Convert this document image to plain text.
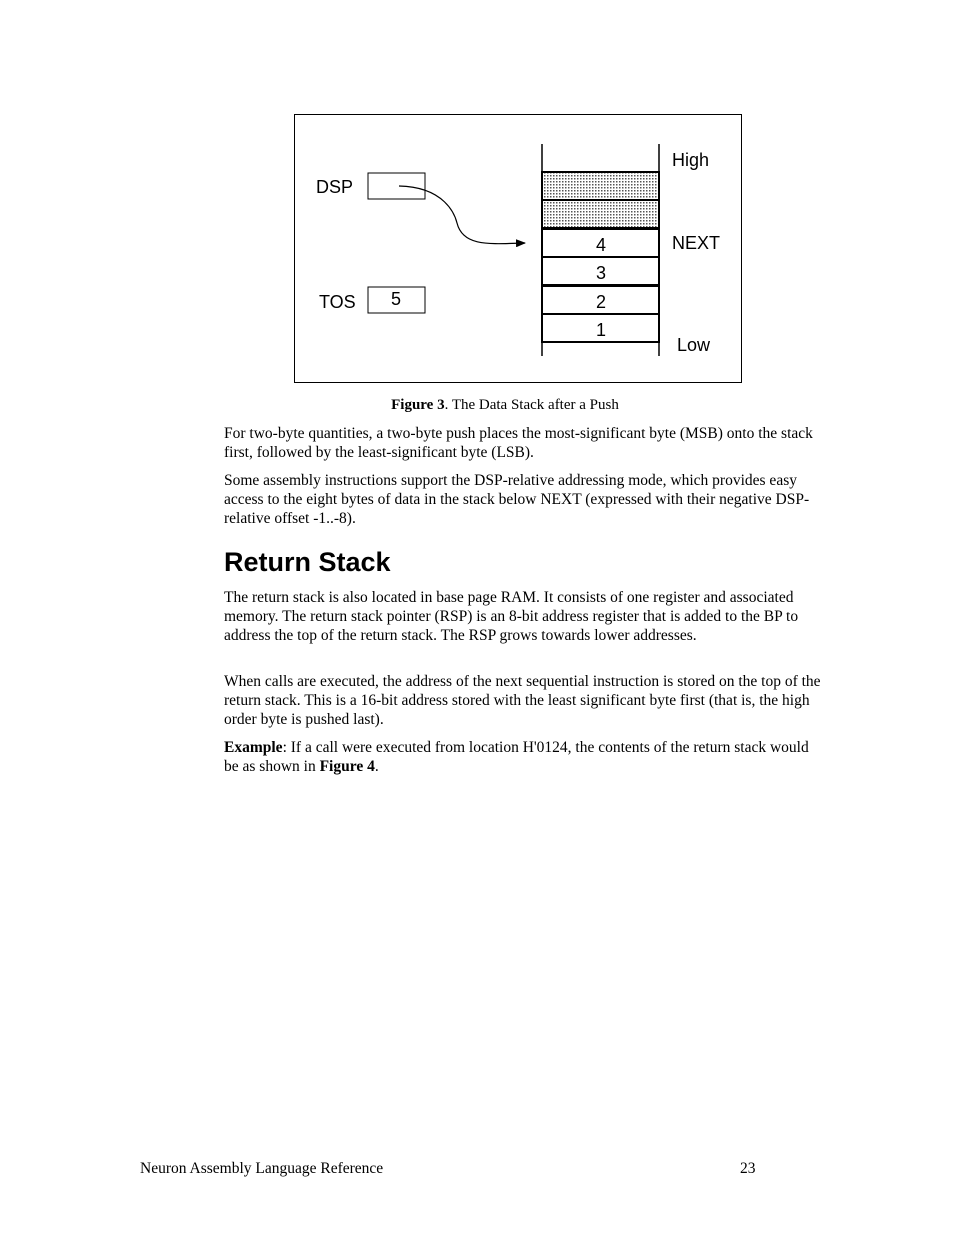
DSP
TOS 5
4
3
2
1
High
NEXT
Low
Figure 3. The Data Stack after a Push

For two-byte quantities, a two-byte push places the most-significant byte (MSB) onto the stack first, followed by the least-significant byte (LSB).

Some assembly instructions support the DSP-relative addressing mode, which provides easy access to the eight bytes of data in the stack below NEXT (expressed with their negative DSP-relative offset -1..-8).

Return Stack

The return stack is also located in base page RAM. It consists of one register and associated memory. The return stack pointer (RSP) is an 8-bit address register that is added to the BP to address the top of the return stack. The RSP grows towards lower addresses.

When calls are executed, the address of the next sequential instruction is stored on the top of the return stack. This is a 16-bit address stored with the least significant byte first (that is, the high order byte is pushed last).

Example: If a call were executed from location H'0124, the contents of the return stack would be as shown in Figure 4.

Neuron Assembly Language Reference	23
